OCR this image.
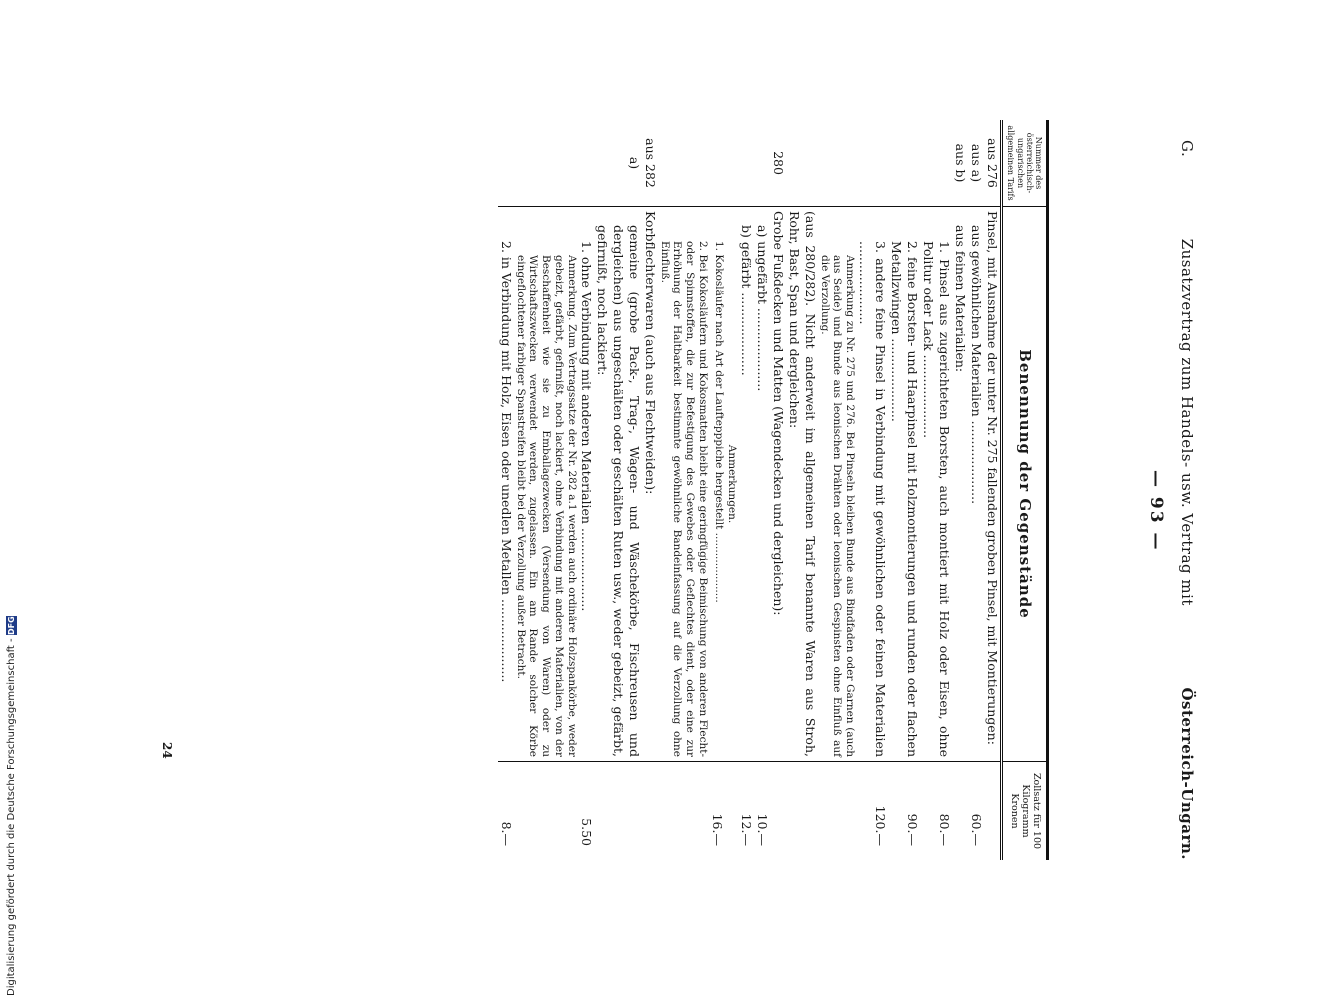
G.
Zusatzvertrag zum Handels- usw. Vertrag mit
Österreich-Ungarn.
— 93 —
Nummer des österreichisch-ungarischen allgemeinen Tarifs	Benennung der Gegenstände	Zollsatz für 100 Kilogramm Kronen
aus 276	Pinsel, mit Ausnahme der unter Nr. 275 fallenden groben Pinsel, mit Montierungen:	
aus a)	aus gewöhnlichen Materialien .....	60.—
aus b)	aus feinen Materialien:	
	1. Pinsel aus zugerichteten Borsten, auch montiert mit Holz oder Eisen, ohne Politur oder Lack .....	80.—
	2. feine Borsten- und Haarpinsel mit Holzmontierungen und runden oder flachen Metallzwingen .....	90.—
	3. andere feine Pinsel in Verbindung mit gewöhnlichen oder feinen Materialien .....	120.—
	Anmerkung zu Nr. 275 und 276. Bei Pinseln bleiben Bunde aus Bindfaden oder Garnen (auch aus Seide) und Bunde aus leonischen Drähten oder leonischen Gespinsten ohne Einfluß auf die Verzollung.	
	(aus 280/282). Nicht anderweit im allgemeinen Tarif benannte Waren aus Stroh, Rohr, Bast, Span und dergleichen:	
280	Grobe Fußdecken und Matten (Wagendecken und dergleichen):	
	a) ungefärbt .....	10.—
	b) gefärbt .....	12.—
	Anmerkungen.	
	1. Kokosläufer nach Art der Lauftepppiche hergestellt .....	16.—
	2. Bei Kokosläufern und Kokosmatten bleibt eine geringfügige Beimischung von anderen Flecht- oder Spinnstoffen, die zur Befestigung des Gewebes oder Geflechtes dient, oder eine zur Erhöhung der Haltbarkeit bestimmte gewöhnliche Bandeinfassung auf die Verzollung ohne Einfluß.	
aus 282	Korbflechterwaren (auch aus Flechtweiden):	
a)	gemeine (grobe Pack-, Trag-, Wagen- und Wäschekörbe, Fischreusen und dergleichen) aus ungeschälten oder geschälten Ruten usw., weder gebeizt, gefärbt, gefirnißt, noch lackiert:	
	1. ohne Verbindung mit anderen Materialien .....	5.50
	Anmerkung. Zum Vertragssatze der Nr. 282 a.1 werden auch ordinäre Holzspankörbe, weder gebeizt, gefärbt, gefirnißt, noch lackiert, ohne Verbindung mit anderen Materialien, von der Beschaffenheit wie sie zu Emballagezwecken (Versendung von Waren) oder zu Wirtschaftszwecken verwendet werden, zugelassen. Ein am Rande solcher Körbe eingeflochtener farbiger Spanstreifen bleibt bei der Verzollung außer Betracht.	
	2. in Verbindung mit Holz, Eisen oder unedlen Metallen .....	8.—
24
Digitalisierung gefördert durch die Deutsche Forschungsgemeinschaft - DFG
